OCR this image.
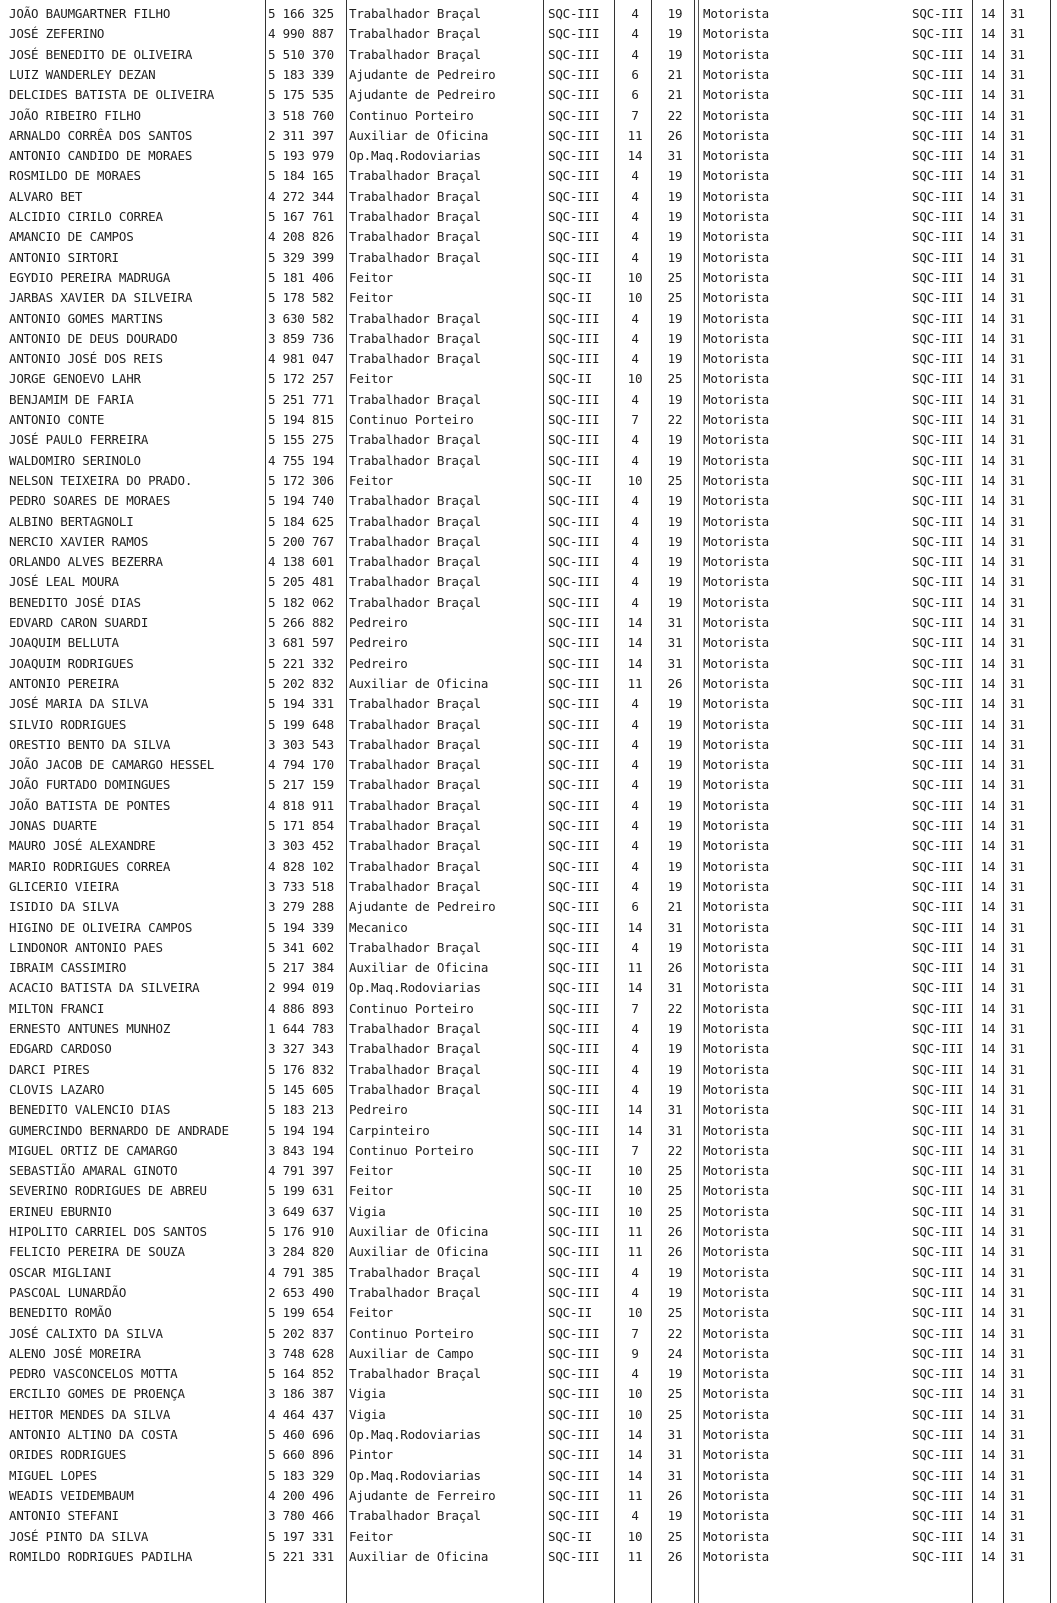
JOÃO BAUMGARTNER FILHO	5 166 325	Trabalhador Braçal	SQC-III	4	19	Motorista	SQC-III	14	31
JOSÉ ZEFERINO	4 990 887	Trabalhador Braçal	SQC-III	4	19	Motorista	SQC-III	14	31
JOSÉ BENEDITO DE OLIVEIRA	5 510 370	Trabalhador Braçal	SQC-III	4	19	Motorista	SQC-III	14	31
LUIZ WANDERLEY DEZAN	5 183 339	Ajudante de Pedreiro	SQC-III	6	21	Motorista	SQC-III	14	31
DELCIDES BATISTA DE OLIVEIRA	5 175 535	Ajudante de Pedreiro	SQC-III	6	21	Motorista	SQC-III	14	31
JOÃO RIBEIRO FILHO	3 518 760	Continuo Porteiro	SQC-III	7	22	Motorista	SQC-III	14	31
ARNALDO CORRÊA DOS SANTOS	2 311 397	Auxiliar de Oficina	SQC-III	11	26	Motorista	SQC-III	14	31
ANTONIO CANDIDO DE MORAES	5 193 979	Op.Maq.Rodoviarias	SQC-III	14	31	Motorista	SQC-III	14	31
ROSMILDO DE MORAES	5 184 165	Trabalhador Braçal	SQC-III	4	19	Motorista	SQC-III	14	31
ALVARO BET	4 272 344	Trabalhador Braçal	SQC-III	4	19	Motorista	SQC-III	14	31
ALCIDIO CIRILO CORREA	5 167 761	Trabalhador Braçal	SQC-III	4	19	Motorista	SQC-III	14	31
AMANCIO DE CAMPOS	4 208 826	Trabalhador Braçal	SQC-III	4	19	Motorista	SQC-III	14	31
ANTONIO SIRTORI	5 329 399	Trabalhador Braçal	SQC-III	4	19	Motorista	SQC-III	14	31
EGYDIO PEREIRA MADRUGA	5 181 406	Feitor	SQC-II	10	25	Motorista	SQC-III	14	31
JARBAS XAVIER DA SILVEIRA	5 178 582	Feitor	SQC-II	10	25	Motorista	SQC-III	14	31
ANTONIO GOMES MARTINS	3 630 582	Trabalhador Braçal	SQC-III	4	19	Motorista	SQC-III	14	31
ANTONIO DE DEUS DOURADO	3 859 736	Trabalhador Braçal	SQC-III	4	19	Motorista	SQC-III	14	31
ANTONIO JOSÉ DOS REIS	4 981 047	Trabalhador Braçal	SQC-III	4	19	Motorista	SQC-III	14	31
JORGE GENOEVO LAHR	5 172 257	Feitor	SQC-II	10	25	Motorista	SQC-III	14	31
BENJAMIM DE FARIA	5 251 771	Trabalhador Braçal	SQC-III	4	19	Motorista	SQC-III	14	31
ANTONIO CONTE	5 194 815	Continuo Porteiro	SQC-III	7	22	Motorista	SQC-III	14	31
JOSÉ PAULO FERREIRA	5 155 275	Trabalhador Braçal	SQC-III	4	19	Motorista	SQC-III	14	31
WALDOMIRO SERINOLO	4 755 194	Trabalhador Braçal	SQC-III	4	19	Motorista	SQC-III	14	31
NELSON TEIXEIRA DO PRADO.	5 172 306	Feitor	SQC-II	10	25	Motorista	SQC-III	14	31
PEDRO SOARES DE MORAES	5 194 740	Trabalhador Braçal	SQC-III	4	19	Motorista	SQC-III	14	31
ALBINO BERTAGNOLI	5 184 625	Trabalhador Braçal	SQC-III	4	19	Motorista	SQC-III	14	31
NERCIO XAVIER RAMOS	5 200 767	Trabalhador Braçal	SQC-III	4	19	Motorista	SQC-III	14	31
ORLANDO ALVES BEZERRA	4 138 601	Trabalhador Braçal	SQC-III	4	19	Motorista	SQC-III	14	31
JOSÉ LEAL MOURA	5 205 481	Trabalhador Braçal	SQC-III	4	19	Motorista	SQC-III	14	31
BENEDITO JOSÉ DIAS	5 182 062	Trabalhador Braçal	SQC-III	4	19	Motorista	SQC-III	14	31
EDVARD CARON SUARDI	5 266 882	Pedreiro	SQC-III	14	31	Motorista	SQC-III	14	31
JOAQUIM BELLUTA	3 681 597	Pedreiro	SQC-III	14	31	Motorista	SQC-III	14	31
JOAQUIM RODRIGUES	5 221 332	Pedreiro	SQC-III	14	31	Motorista	SQC-III	14	31
ANTONIO PEREIRA	5 202 832	Auxiliar de Oficina	SQC-III	11	26	Motorista	SQC-III	14	31
JOSÉ MARIA DA SILVA	5 194 331	Trabalhador Braçal	SQC-III	4	19	Motorista	SQC-III	14	31
SILVIO RODRIGUES	5 199 648	Trabalhador Braçal	SQC-III	4	19	Motorista	SQC-III	14	31
ORESTIO BENTO DA SILVA	3 303 543	Trabalhador Braçal	SQC-III	4	19	Motorista	SQC-III	14	31
JOÃO JACOB DE CAMARGO HESSEL	4 794 170	Trabalhador Braçal	SQC-III	4	19	Motorista	SQC-III	14	31
JOÃO FURTADO DOMINGUES	5 217 159	Trabalhador Braçal	SQC-III	4	19	Motorista	SQC-III	14	31
JOÃO BATISTA DE PONTES	4 818 911	Trabalhador Braçal	SQC-III	4	19	Motorista	SQC-III	14	31
JONAS DUARTE	5 171 854	Trabalhador Braçal	SQC-III	4	19	Motorista	SQC-III	14	31
MAURO JOSÉ ALEXANDRE	3 303 452	Trabalhador Braçal	SQC-III	4	19	Motorista	SQC-III	14	31
MARIO RODRIGUES CORREA	4 828 102	Trabalhador Braçal	SQC-III	4	19	Motorista	SQC-III	14	31
GLICERIO VIEIRA	3 733 518	Trabalhador Braçal	SQC-III	4	19	Motorista	SQC-III	14	31
ISIDIO DA SILVA	3 279 288	Ajudante de Pedreiro	SQC-III	6	21	Motorista	SQC-III	14	31
HIGINO DE OLIVEIRA CAMPOS	5 194 339	Mecanico	SQC-III	14	31	Motorista	SQC-III	14	31
LINDONOR ANTONIO PAES	5 341 602	Trabalhador Braçal	SQC-III	4	19	Motorista	SQC-III	14	31
IBRAIM CASSIMIRO	5 217 384	Auxiliar de Oficina	SQC-III	11	26	Motorista	SQC-III	14	31
ACACIO BATISTA DA SILVEIRA	2 994 019	Op.Maq.Rodoviarias	SQC-III	14	31	Motorista	SQC-III	14	31
MILTON FRANCI	4 886 893	Continuo Porteiro	SQC-III	7	22	Motorista	SQC-III	14	31
ERNESTO ANTUNES MUNHOZ	1 644 783	Trabalhador Braçal	SQC-III	4	19	Motorista	SQC-III	14	31
EDGARD CARDOSO	3 327 343	Trabalhador Braçal	SQC-III	4	19	Motorista	SQC-III	14	31
DARCI PIRES	5 176 832	Trabalhador Braçal	SQC-III	4	19	Motorista	SQC-III	14	31
CLOVIS LAZARO	5 145 605	Trabalhador Braçal	SQC-III	4	19	Motorista	SQC-III	14	31
BENEDITO VALENCIO DIAS	5 183 213	Pedreiro	SQC-III	14	31	Motorista	SQC-III	14	31
GUMERCINDO BERNARDO DE ANDRADE	5 194 194	Carpinteiro	SQC-III	14	31	Motorista	SQC-III	14	31
MIGUEL ORTIZ DE CAMARGO	3 843 194	Continuo Porteiro	SQC-III	7	22	Motorista	SQC-III	14	31
SEBASTIÃO AMARAL GINOTO	4 791 397	Feitor	SQC-II	10	25	Motorista	SQC-III	14	31
SEVERINO RODRIGUES DE ABREU	5 199 631	Feitor	SQC-II	10	25	Motorista	SQC-III	14	31
ERINEU EBURNIO	3 649 637	Vigia	SQC-III	10	25	Motorista	SQC-III	14	31
HIPOLITO CARRIEL DOS SANTOS	5 176 910	Auxiliar de Oficina	SQC-III	11	26	Motorista	SQC-III	14	31
FELICIO PEREIRA DE SOUZA	3 284 820	Auxiliar de Oficina	SQC-III	11	26	Motorista	SQC-III	14	31
OSCAR MIGLIANI	4 791 385	Trabalhador Braçal	SQC-III	4	19	Motorista	SQC-III	14	31
PASCOAL LUNARDÃO	2 653 490	Trabalhador Braçal	SQC-III	4	19	Motorista	SQC-III	14	31
BENEDITO ROMÃO	5 199 654	Feitor	SQC-II	10	25	Motorista	SQC-III	14	31
JOSÉ CALIXTO DA SILVA	5 202 837	Continuo Porteiro	SQC-III	7	22	Motorista	SQC-III	14	31
ALENO JOSÉ MOREIRA	3 748 628	Auxiliar de Campo	SQC-III	9	24	Motorista	SQC-III	14	31
PEDRO VASCONCELOS MOTTA	5 164 852	Trabalhador Braçal	SQC-III	4	19	Motorista	SQC-III	14	31
ERCILIO GOMES DE PROENÇA	3 186 387	Vigia	SQC-III	10	25	Motorista	SQC-III	14	31
HEITOR MENDES DA SILVA	4 464 437	Vigia	SQC-III	10	25	Motorista	SQC-III	14	31
ANTONIO ALTINO DA COSTA	5 460 696	Op.Maq.Rodoviarias	SQC-III	14	31	Motorista	SQC-III	14	31
ORIDES RODRIGUES	5 660 896	Pintor	SQC-III	14	31	Motorista	SQC-III	14	31
MIGUEL LOPES	5 183 329	Op.Maq.Rodoviarias	SQC-III	14	31	Motorista	SQC-III	14	31
WEADIS VEIDEMBAUM	4 200 496	Ajudante de Ferreiro	SQC-III	11	26	Motorista	SQC-III	14	31
ANTONIO STEFANI	3 780 466	Trabalhador Braçal	SQC-III	4	19	Motorista	SQC-III	14	31
JOSÉ PINTO DA SILVA	5 197 331	Feitor	SQC-II	10	25	Motorista	SQC-III	14	31
ROMILDO RODRIGUES PADILHA	5 221 331	Auxiliar de Oficina	SQC-III	11	26	Motorista	SQC-III	14	31
